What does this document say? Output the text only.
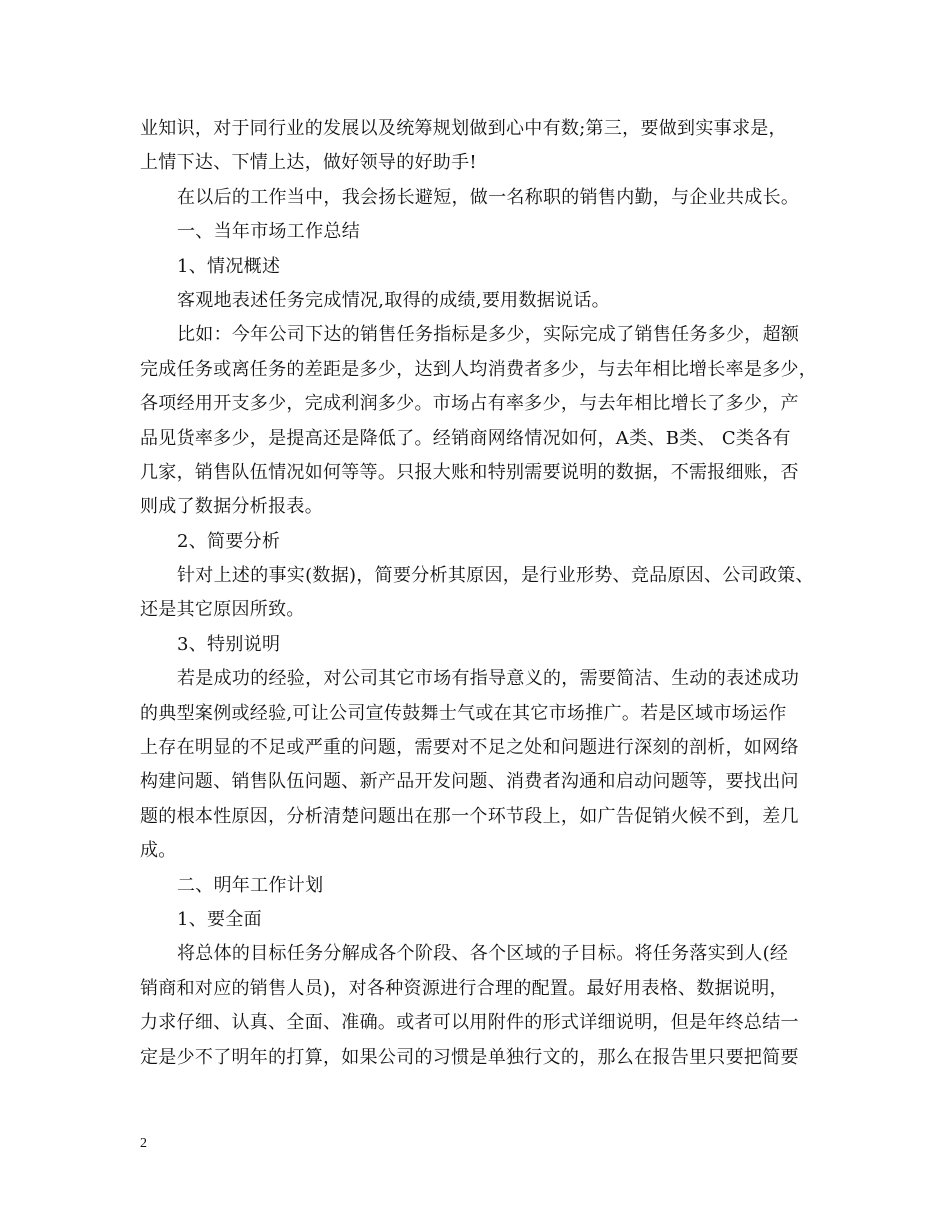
业知识，对于同行业的发展以及统筹规划做到心中有数;第三，要做到实事求是，
上情下达、下情上达，做好领导的好助手!
在以后的工作当中，我会扬长避短，做一名称职的销售内勤，与企业共成长。
一、当年市场工作总结
1、情况概述
客观地表述任务完成情况,取得的成绩,要用数据说话。
比如：今年公司下达的销售任务指标是多少，实际完成了销售任务多少，超额
完成任务或离任务的差距是多少，达到人均消费者多少，与去年相比增长率是多少，
各项经用开支多少，完成利润多少。市场占有率多少，与去年相比增长了多少，产
品见货率多少，是提高还是降低了。经销商网络情况如何，A类、B类、 C类各有
几家，销售队伍情况如何等等。只报大账和特别需要说明的数据，不需报细账，否
则成了数据分析报表。
2、简要分析
针对上述的事实(数据)，简要分析其原因，是行业形势、竞品原因、公司政策、
还是其它原因所致。
3、特别说明
若是成功的经验，对公司其它市场有指导意义的，需要简洁、生动的表述成功
的典型案例或经验,可让公司宣传鼓舞士气或在其它市场推广。若是区域市场运作
上存在明显的不足或严重的问题，需要对不足之处和问题进行深刻的剖析，如网络
构建问题、销售队伍问题、新产品开发问题、消费者沟通和启动问题等，要找出问
题的根本性原因，分析清楚问题出在那一个环节段上，如广告促销火候不到，差几
成。
二、明年工作计划
1、要全面
将总体的目标任务分解成各个阶段、各个区域的子目标。将任务落实到人(经
销商和对应的销售人员)，对各种资源进行合理的配置。最好用表格、数据说明，
力求仔细、认真、全面、准确。或者可以用附件的形式详细说明，但是年终总结一
定是少不了明年的打算，如果公司的习惯是单独行文的，那么在报告里只要把简要
2
